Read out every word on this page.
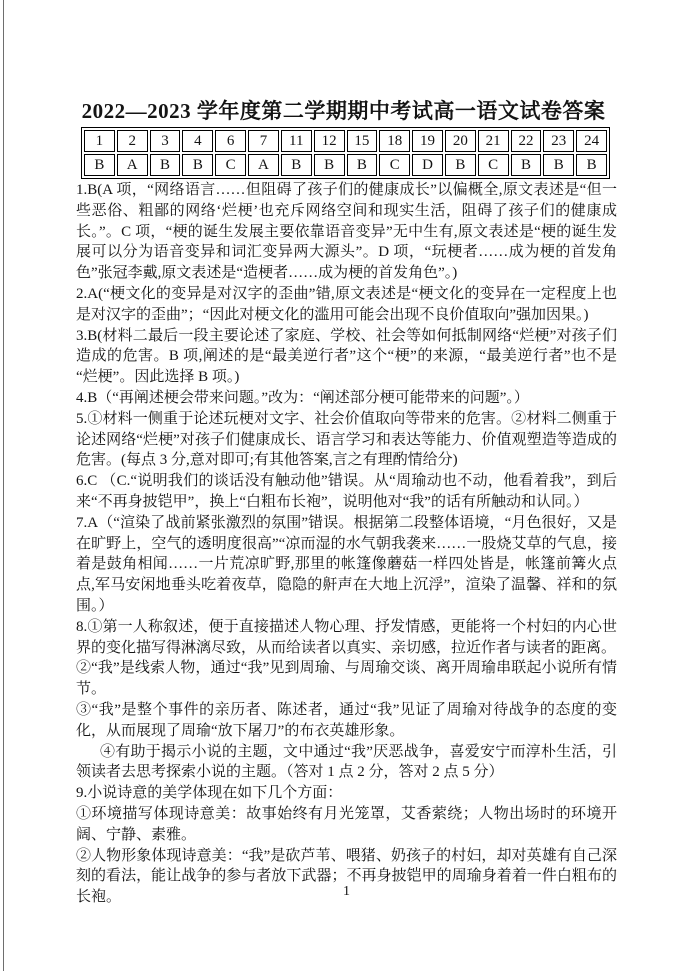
2022—2023 学年度第二学期期中考试高一语文试卷答案
1	2	3	4	6	7	11	12	15	18	19	20	21	22	23	24
B	A	B	B	C	A	B	B	B	C	D	B	C	B	B	B
1.B(A 项，“网络语言……但阻碍了孩子们的健康成长”以偏概全,原文表述是“但一些恶俗、粗鄙的网络‘烂梗’也充斥网络空间和现实生活，阻碍了孩子们的健康成长。”。C 项，“梗的诞生发展主要依靠语音变异”无中生有,原文表述是“梗的诞生发展可以分为语音变异和词汇变异两大源头”。D 项，“玩梗者……成为梗的首发角色”张冠李戴,原文表述是“造梗者……成为梗的首发角色”。)
2.A(“梗文化的变异是对汉字的歪曲”错,原文表述是“梗文化的变异在一定程度上也是对汉字的歪曲”；“因此对梗文化的滥用可能会出现不良价值取向”强加因果。)
3.B(材料二最后一段主要论述了家庭、学校、社会等如何抵制网络“烂梗”对孩子们造成的危害。B 项,阐述的是“最美逆行者”这个“梗”的来源，“最美逆行者”也不是“烂梗”。因此选择 B 项。)
4.B（“再阐述梗会带来问题。”改为：“阐述部分梗可能带来的问题”。）
5.①材料一侧重于论述玩梗对文字、社会价值取向等带来的危害。②材料二侧重于论述网络“烂梗”对孩子们健康成长、语言学习和表达等能力、价值观塑造等造成的危害。(每点 3 分,意对即可;有其他答案,言之有理酌情给分)
6.C （C.“说明我们的谈话没有触动他”错误。从“周瑜动也不动，他看着我”，到后来“不再身披铠甲”，换上“白粗布长袍”，说明他对“我”的话有所触动和认同。）
7.A（“渲染了战前紧张激烈的氛围”错误。根据第二段整体语境，“月色很好，又是在旷野上，空气的透明度很高”“凉而湿的水气朝我袭来……一股烧艾草的气息，接着是鼓角相闻……一片荒凉旷野,那里的帐篷像蘑菇一样四处皆是，帐篷前篝火点点,军马安闲地垂头吃着夜草，隐隐的鼾声在大地上沉浮”，渲染了温馨、祥和的氛围。）
8.①第一人称叙述，便于直接描述人物心理、抒发情感，更能将一个村妇的内心世界的变化描写得淋漓尽致，从而给读者以真实、亲切感，拉近作者与读者的距离。
②“我”是线索人物，通过“我”见到周瑜、与周瑜交谈、离开周瑜串联起小说所有情节。
③“我”是整个事件的亲历者、陈述者，通过“我”见证了周瑜对待战争的态度的变化，从而展现了周瑜“放下屠刀”的布衣英雄形象。
④有助于揭示小说的主题，文中通过“我”厌恶战争，喜爱安宁而淳朴生活，引领读者去思考探索小说的主题。（答对 1 点 2 分，答对 2 点 5 分）
9.小说诗意的美学体现在如下几个方面：
①环境描写体现诗意美：故事始终有月光笼罩，艾香萦绕；人物出场时的环境开阔、宁静、素雅。
②人物形象体现诗意美：“我”是砍芦苇、喂猪、奶孩子的村妇，却对英雄有自己深刻的看法，能让战争的参与者放下武器；不再身披铠甲的周瑜身着着一件白粗布的长袍。	1
